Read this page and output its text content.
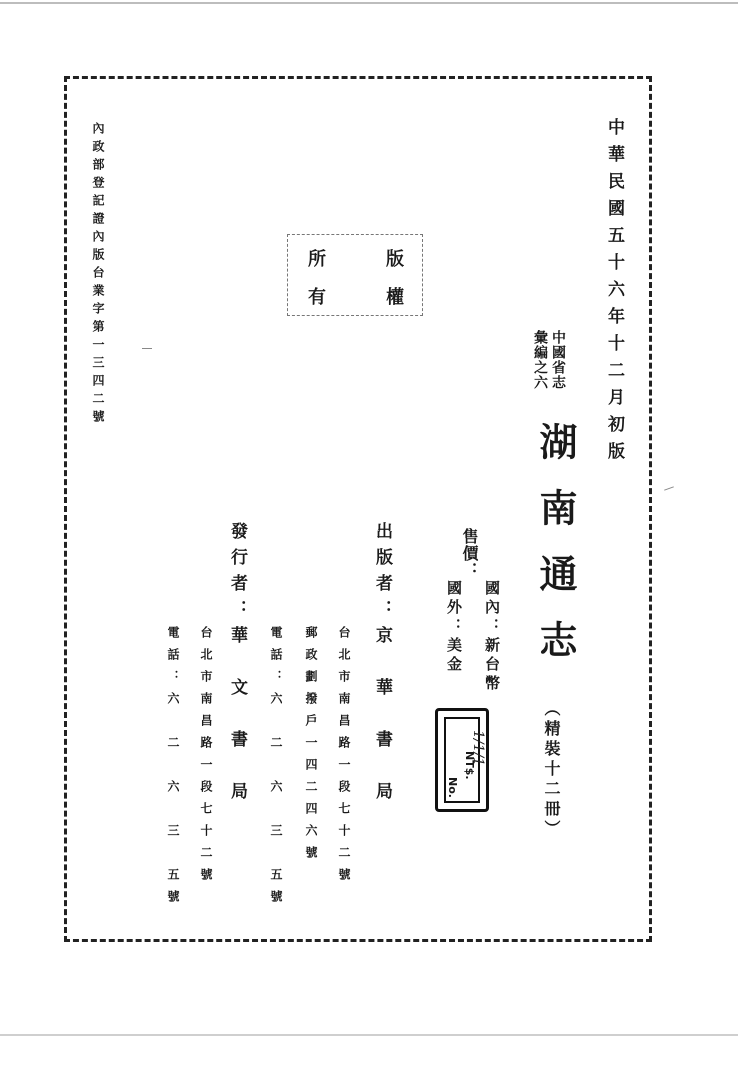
中華民國五十六年十二月初版
中國省志
彙編之六
湖南通志
（精裝十二冊）
售價：
國內：新台幣
國外：美金
NT$.
No.
1/1/1
版
權
所
有
出版者：京　華　書　局
台北市南昌路一段七十二號
郵政劃撥戶一四二四六號
電話：六　二　六　三　五號
發行者：華　文　書　局
台北市南昌路一段七十二號
電話：六　二　六　三　五號
內政部登記證內版台業字第一三四二號
